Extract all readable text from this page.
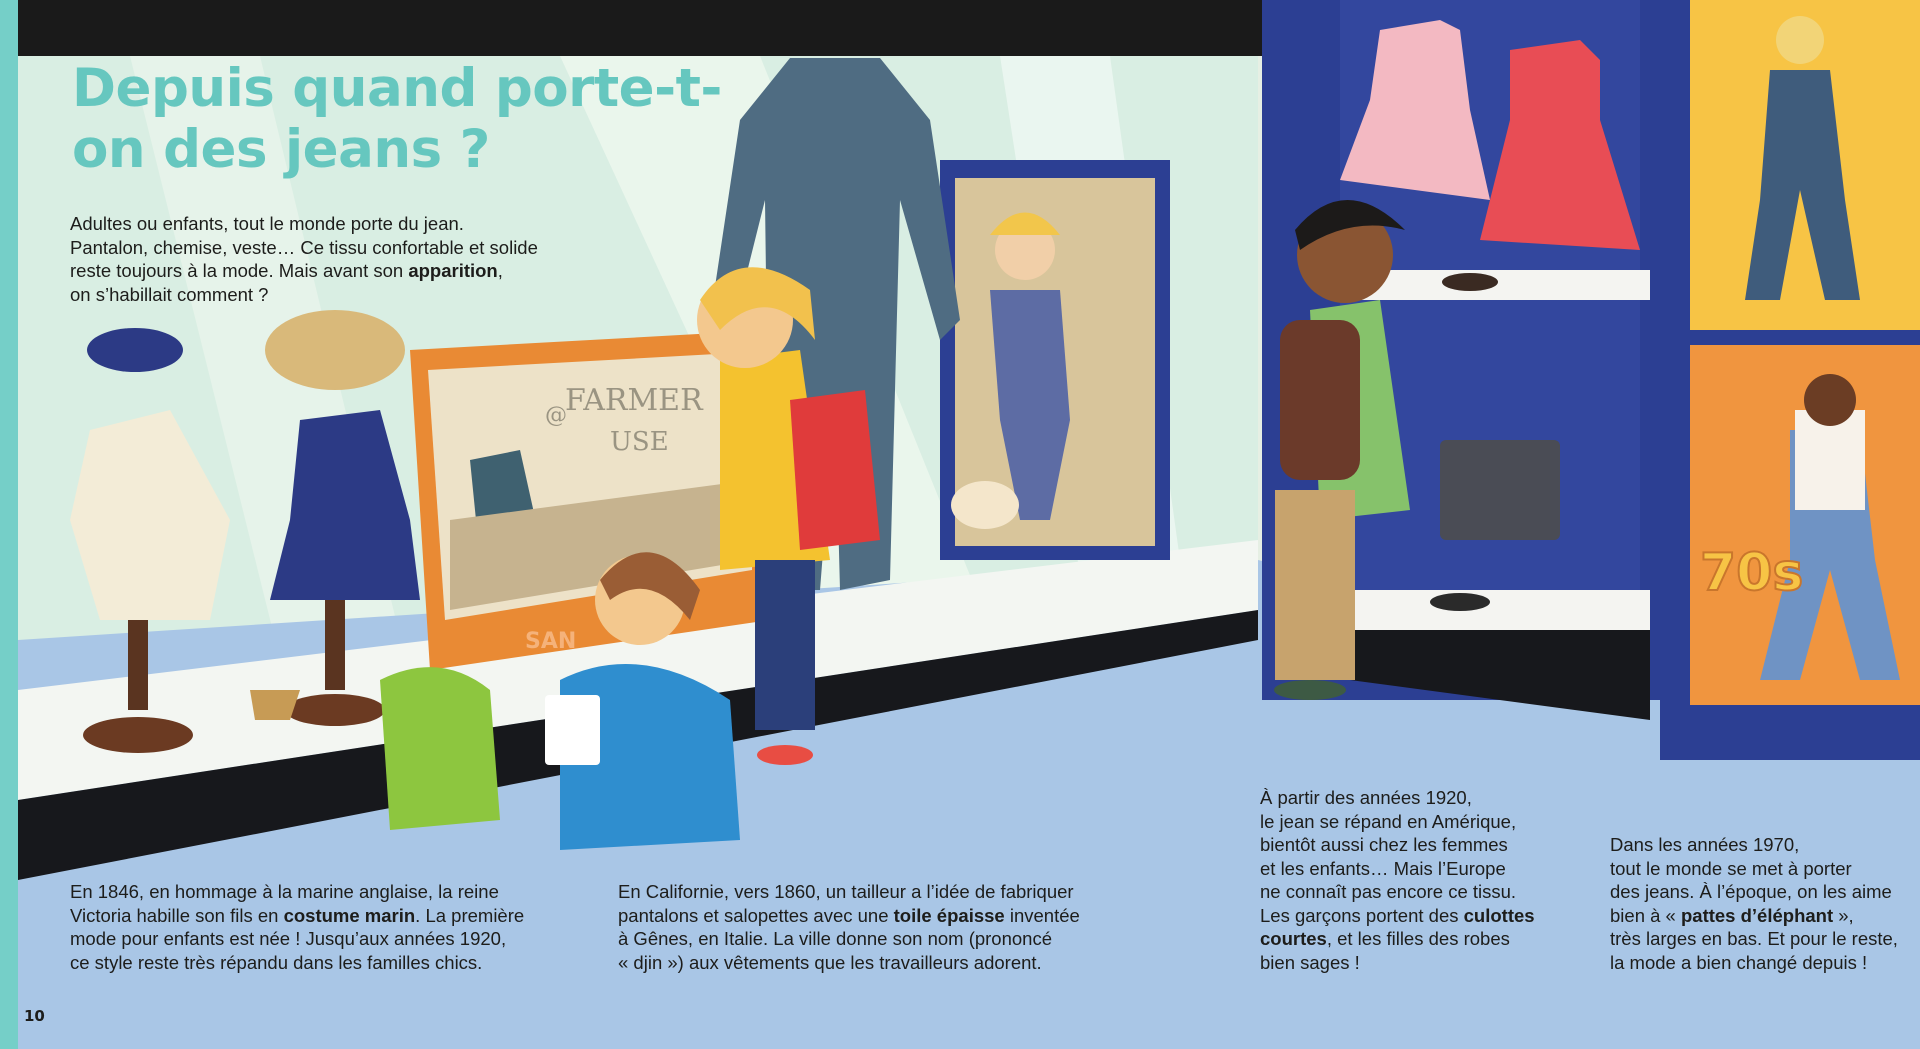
70s
FARMER
@
USE
SAN
Depuis quand porte-t-on des jeans ?

Adultes ou enfants, tout le monde porte du jean.
Pantalon, chemise, veste… Ce tissu confortable et solide
reste toujours à la mode. Mais avant son apparition,
on s’habillait comment ?

En 1846, en hommage à la marine anglaise, la reine
Victoria habille son fils en costume marin. La première
mode pour enfants est née ! Jusqu’aux années 1920,
ce style reste très répandu dans les familles chics.

En Californie, vers 1860, un tailleur a l’idée de fabriquer
pantalons et salopettes avec une toile épaisse inventée
à Gênes, en Italie. La ville donne son nom (prononcé
« djin ») aux vêtements que les travailleurs adorent.

À partir des années 1920,
le jean se répand en Amérique,
bientôt aussi chez les femmes
et les enfants… Mais l’Europe
ne connaît pas encore ce tissu.
Les garçons portent des culottes
courtes, et les filles des robes
bien sages !

Dans les années 1970,
tout le monde se met à porter
des jeans. À l’époque, on les aime
bien à « pattes d’éléphant »,
très larges en bas. Et pour le reste,
la mode a bien changé depuis !

10
